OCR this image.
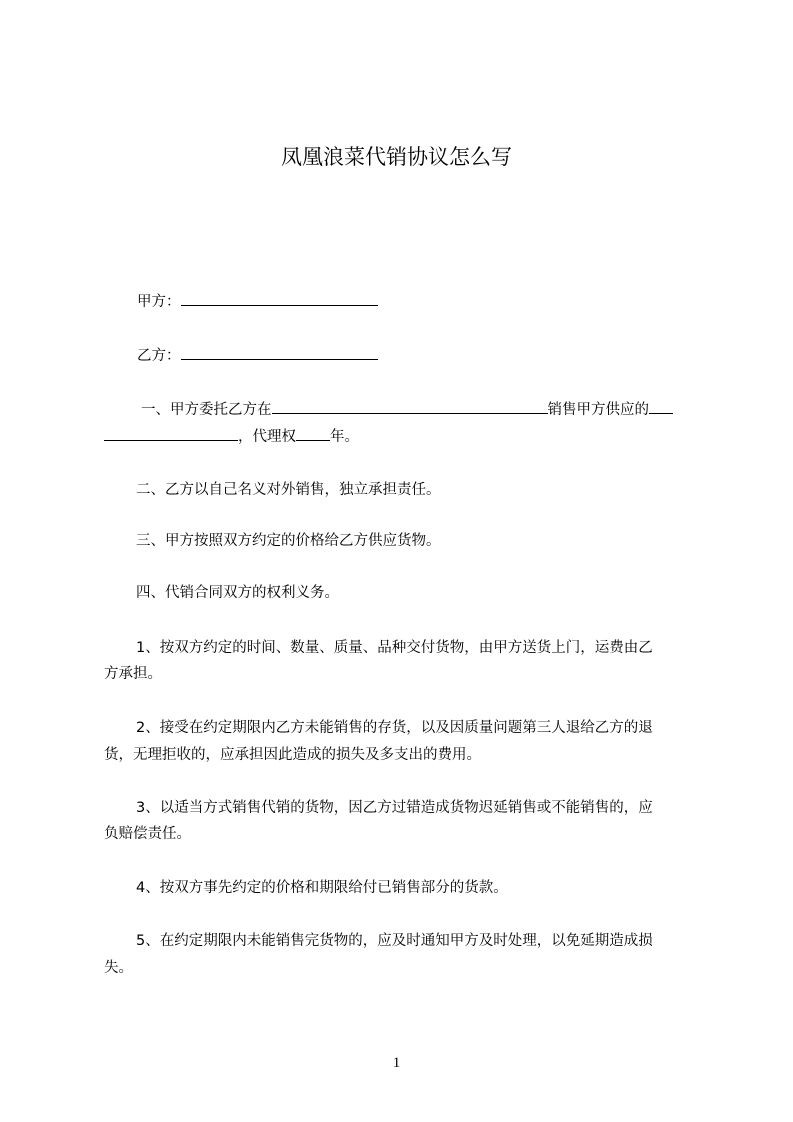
凤凰浪菜代销协议怎么写
甲方：
乙方：
一、甲方委托乙方在	销售甲方供应的
，代理权 年。
二、乙方以自己名义对外销售，独立承担责任。
三、甲方按照双方约定的价格给乙方供应货物。
四、代销合同双方的权利义务。
1、按双方约定的时间、数量、质量、品种交付货物，由甲方送货上门，运费由乙
方承担。
2、接受在约定期限内乙方未能销售的存货，以及因质量问题第三人退给乙方的退
货，无理拒收的，应承担因此造成的损失及多支出的费用。
3、以适当方式销售代销的货物，因乙方过错造成货物迟延销售或不能销售的，应
负赔偿责任。
4、按双方事先约定的价格和期限给付已销售部分的货款。
5、在约定期限内未能销售完货物的，应及时通知甲方及时处理，以免延期造成损
失。
1
